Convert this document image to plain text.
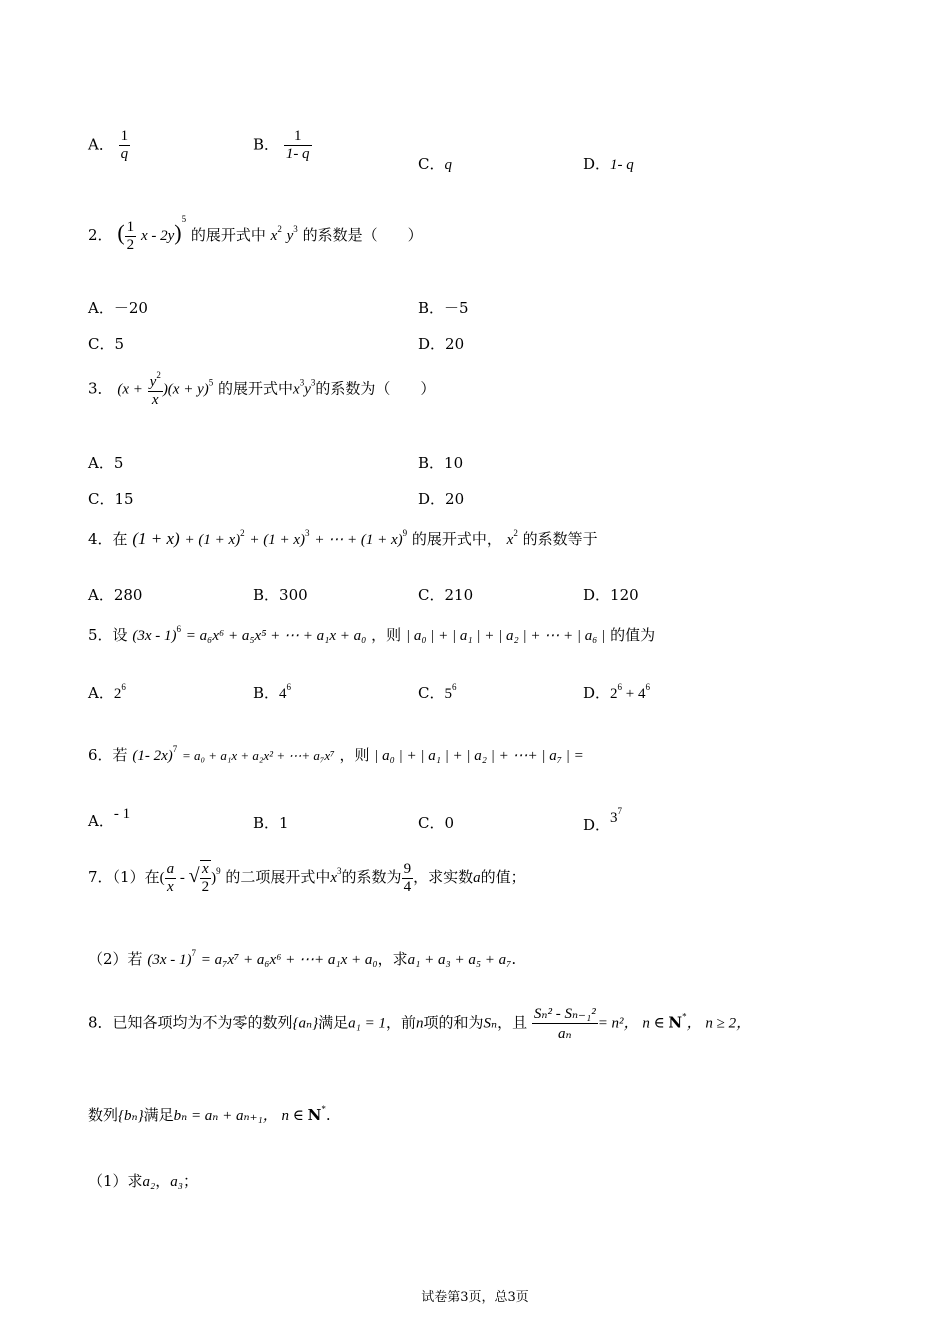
A． $\frac{1}{q}$	B． $\frac{1}{1- q}$
C．q	D．1- q
2． ( $\frac{1}{2}$ x - 2y)$^5$ 的展开式中 $x^2$ $y^3$ 的系数是（　　）
A．－20	B．－5
C．5	D．20
3． $(x + \frac{y^2}{x} )(x + y)^5$ 的展开式中$x^3y^3$的系数为（　　）
A．5	B．10
C．15	D．20
4．在 $(1 + x) + (1 + x)^2 + (1 + x)^3$ + ⋯ + $(1 + x)^9$ 的展开式中， $x^2$ 的系数等于
A．280	B．300	C．210	D．120
5．设 (3x - 1)$^6$ = a₆x⁶ + a₅x⁵ + ⋯ + a₁x + a₀ ，则 | a₀ | + | a₁ | + | a₂ | + ⋯ + | a₆ | 的值为
A．$2^6$	B．$4^6$	C．$5^6$	D．$2^6 + 4^6$
6．若 (1- 2x)$^7$ = a₀ + a₁x + a₂x² + ⋯+ a₇x⁷ ，则 | a₀ | + | a₁ | + | a₂ | + ⋯+ | a₇ | =
A．- 1	B．1	C．0	D．$3^7$
7．（1）在( $\frac{a}{x}$ - √ $\frac{x}{2} )^9$ 的二项展开式中$x^3$的系数为 $\frac{9}{4}$ ，求实数a的值；
（2）若 (3x - 1)$^7$ = a₇x⁷ + a₆x⁶ + ⋯+ a₁x + a₀，求a₁ + a₃ + a₅ + a₇.
8．已知各项均为不为零的数列{aₙ}满足a₁ = 1，前n项的和为Sₙ，且 $\frac{\text{Sₙ² - Sₙ₋₁²}}{\text{aₙ}} = n^2$， n ∈ N*， n ≥ 2，
数列{bₙ}满足bₙ = aₙ + aₙ₊₁， n ∈ N*.
（1）求a₂，a₃；
试卷第3页，总3页
